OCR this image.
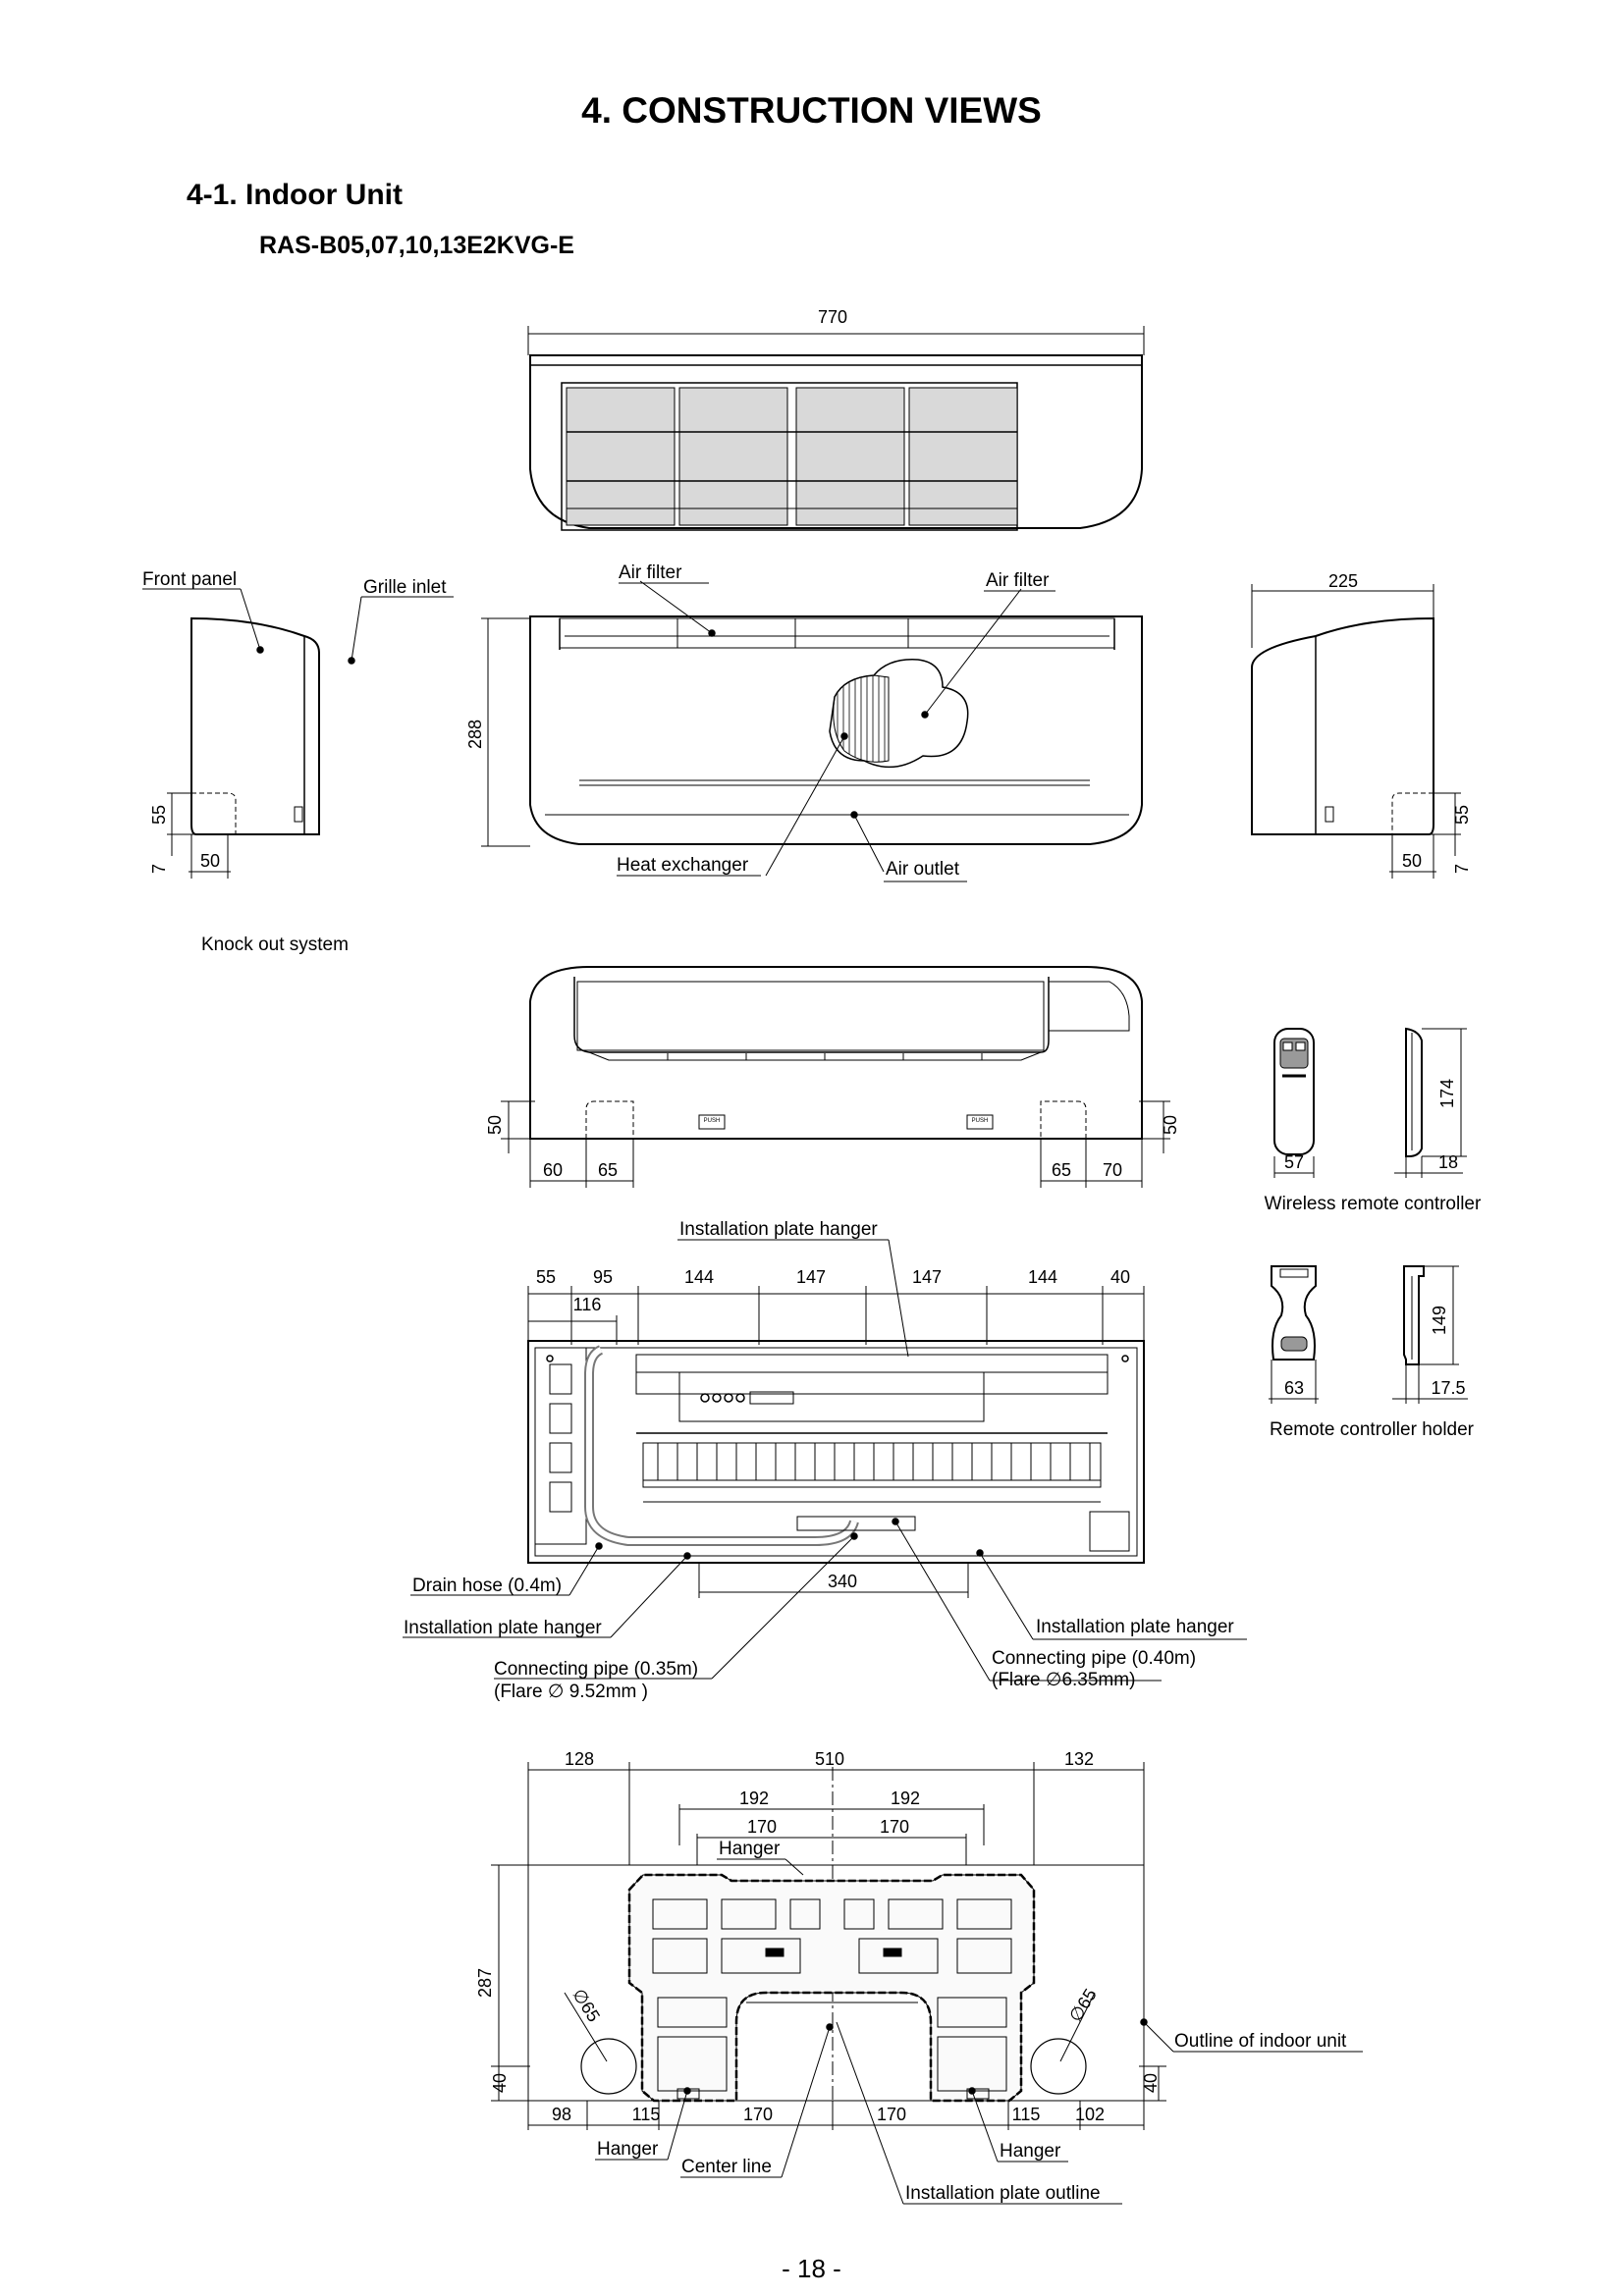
4. CONSTRUCTION VIEWS
4-1. Indoor Unit
RAS-B05,07,10,13E2KVG-E
770
288
Air filter	Air filter
Heat exchanger	Air outlet
Front panel	Grille inlet
55
7 50
225
55
7
50
Knock out system
PUSH	PUSH
50	50
60 65	65 70
174
57	18
Wireless remote controller
149
63	17.5
Remote controller holder
Installation plate hanger
55 95
116
144	147	147	144	40
340
Drain hose (0.4m)
Installation plate hanger	Installation plate hanger
Connecting pipe (0.35m)
(Flare ∅ 9.52mm )
Connecting pipe (0.40m)
(Flare ∅6.35mm)
128	510	132
192	192
170	170
Hanger
287
40	40
∅65	∅65
98	115	170	170	115 102
Hanger	Hanger
Center line
Installation plate outline
Outline of indoor unit
- 18 -
